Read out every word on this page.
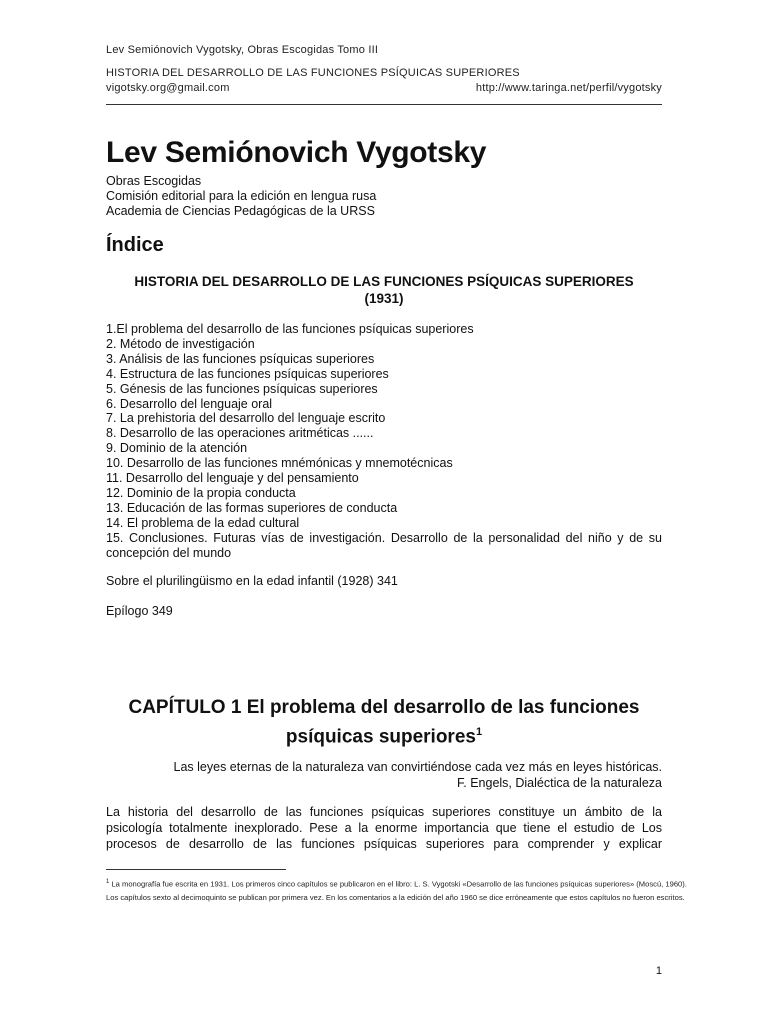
Lev Semiónovich Vygotsky, Obras Escogidas Tomo III
HISTORIA DEL DESARROLLO DE LAS FUNCIONES PSÍQUICAS SUPERIORES
vigotsky.org@gmail.com	http://www.taringa.net/perfil/vygotsky
Lev Semiónovich Vygotsky
Obras Escogidas
Comisión editorial para la edición en lengua rusa
Academia de Ciencias Pedagógicas de la URSS
Índice
HISTORIA DEL DESARROLLO DE LAS FUNCIONES PSÍQUICAS SUPERIORES
(1931)
1.El problema del desarrollo de las funciones psíquicas superiores
2. Método de investigación
3. Análisis de las funciones psíquicas superiores
4. Estructura de las funciones psíquicas superiores
5. Génesis de las funciones psíquicas superiores
6. Desarrollo del lenguaje oral
7. La prehistoria del desarrollo del lenguaje escrito
8. Desarrollo de las operaciones aritméticas ......
9. Dominio de la atención
10. Desarrollo de las funciones mnémónicas y mnemotécnicas
11. Desarrollo del lenguaje y del pensamiento
12. Dominio de la propia conducta
13. Educación de las formas superiores de conducta
14. El problema de la edad cultural
15. Conclusiones. Futuras vías de investigación. Desarrollo de la personalidad del niño y de su concepción del mundo
Sobre el plurilingüismo en la edad infantil (1928) 341
Epílogo 349
CAPÍTULO 1 El problema del desarrollo de las funciones
psíquicas superiores$^1$
Las leyes eternas de la naturaleza van convirtiéndose cada vez más en leyes históricas.
F. Engels, Dialéctica de la naturaleza
La historia del desarrollo de las funciones psíquicas superiores constituye un ámbito de la
psicología totalmente inexplorado. Pese a la enorme importancia que tiene el estudio de Los
procesos de desarrollo de las funciones psíquicas superiores para comprender y explicar
$^1$ La monografía fue escrita en 1931. Los primeros cinco capítulos se publicaron en el libro: L. S. Vygotski «Desarrollo de las funciones psíquicas superiores» (Moscú, 1960).
Los capítulos sexto al decimoquinto se publican por primera vez. En los comentarios a la edición del año 1960 se dice erróneamente que estos capítulos no fueron escritos.
1
